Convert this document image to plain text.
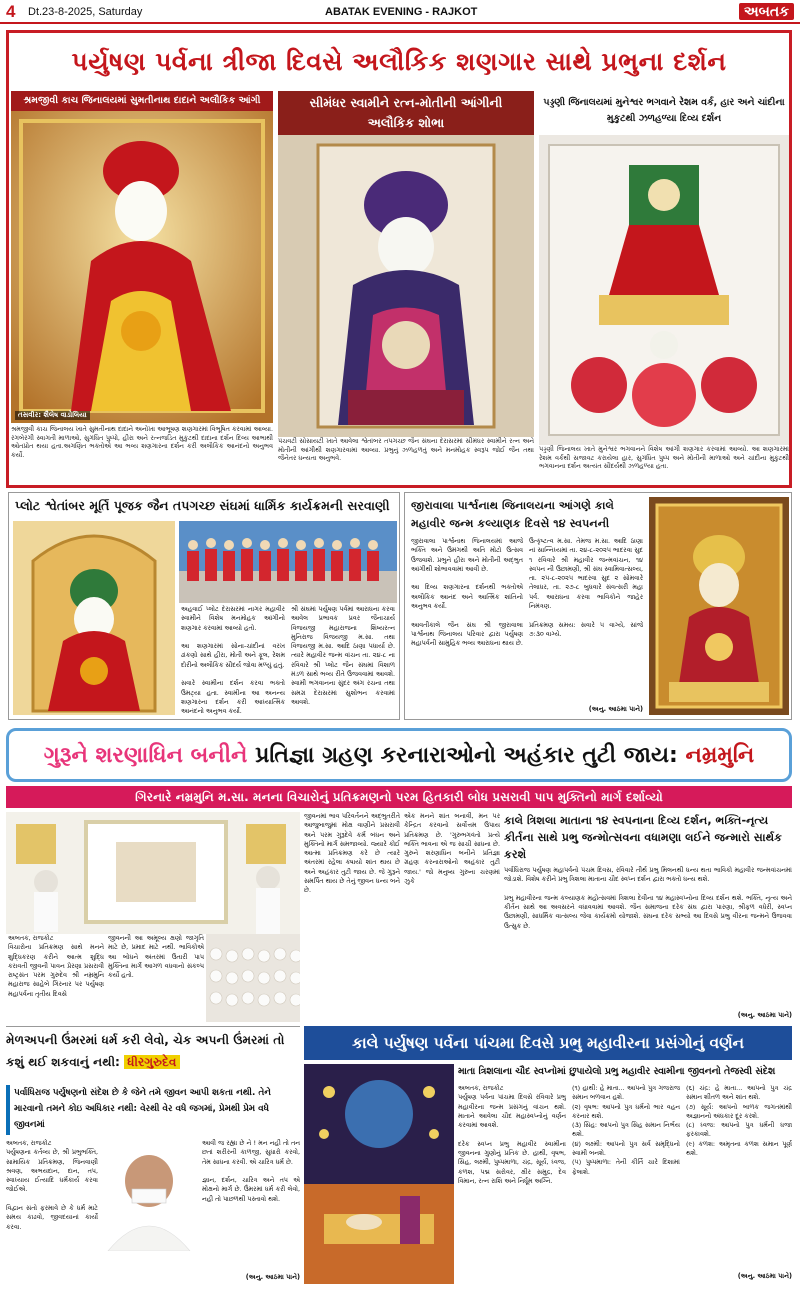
4 Dt.23-8-2025, Saturday	ABATAK EVENING - RAJKOT	અબતક
પર્યુષણ પર્વના ત્રીજા દિવસે અલૌકિક શણગાર સાથે પ્રભુના દર્શન
શ્રમજીવી કાચ જિનાલયમાં સુમતીનાથ દાદાને અલૌકિક આંગી
તસવીર: શૈલેષ વાડોલિયા
શ્રમજીવી કાચ જિનાલય ખાતે સુમતીનાથ દાદાને અનોખા આભૂષણ શણગારમાં વિભૂષિત કરવામાં આવ્યા. રંગબેરંગી સ્વાગતી માળાઓ, સુગંધિત પુષ્પો, હીરા અને રત્નજડિત મુકુટથી દાદાના દર્શન દિવ્ય આભાથી ઓતપ્રોત થયા હતા.અગણિત ભક્તોએ આ ભવ્ય શણગારના દર્શન કરી અલૌકિક આનંદનો અનુભવ કર્યો.
સીમંધર સ્વામીને રત્ન-મોતીની આંગીની અલૌકિક શોભા
પંચવટી સોસાયટી ખાતે આવેલા શ્વેતાંબર તપગચ્છ જૈન સંઘના દેરાસરમાં સીમંધર સ્વામીને રત્ન અને મોતીની આંગીથી શણગારવામાં આવ્યા. પ્રભુનું ઝળહળતું અને મનમોહક સ્વરૂપ જોઈ જૈન તથા જૈનેતર ધન્યતા અનુભવે.
પડ્ડણી જિનાલયમાં મુનેશ્વર ભગવાને રેશમ વર્ક, હાર અને ચાંદીના મુકુટથી ઝળહળ્યા દિવ્ય દર્શન
પડ્ડણી જિનાલય ખાતે મુનેશ્વર ભગવાનને વિશેષ આંગી શણગાર કરવામાં આવ્યો. આ શણગારમાં રેશમ વર્કથી સજાવટ કરાયેલા હાર, સુગંધિત પુષ્પ અને મોતીની માળાઓ અને ચાંદીના મુકુટથી ભગવાનના દર્શન અત્યંત સૌંદર્યથી ઝળહળ્યા હતા.
પ્લોટ શ્વેતાંબર મૂર્તિ પૂજક જૈન તપગચ્છ સંઘમાં ધાર્મિક કાર્યક્રમની સરવાણી
અહવાઈ પ્લોટ દેરાસરમાં નાગર મહાવીર સ્વામીને વિશેષ મનમોહક આંગીનો શણગાર કરવામાં આવ્યો હતો.

આ શણગારમાં સોના-ચાંદીનાં વરખ ઢાંકણો સાથે હીરા, મોતી અને ફૂલ, રેશમ દોરીનો અલૌકિક સૌંદર્ય જોવા મળ્યું હતું.

સવારે સ્વામીના દર્શન કરવા ભક્તો ઉમટ્યા હતા. સ્વામીના આ અનન્ય શણગારના દર્શન કરી આધ્યાત્મિક આનંદનો અનુભવ કર્યો.
શ્રી સંઘમાં પર્યુષણ પર્વમાં આરાધના કરવા આવેલ પ્રભાવક પ્રવર જૈનાચાર્ય વિજયજી મહારાજના શિષ્યરત્ન મુનિરાજ વિજયજી મ.સા. તથા વિજયજી મ.સા. આદિ ઠાણા પધાર્યા છે. ત્યારે મહાવીર જન્મ વાંચન તા. ૨૪-૮ ના રવિવારે શ્રી પ્લોટ જૈન સંઘમાં વિશાળ મંડળ સાથે ભવ્ય રીતે ઉજવવામાં આવશે. સ્વામી ભગવાનના સુંદર અંગ રચના તથા સમગ્ર દેરાસરમાં સુશોભન કરવામાં આવશે.
જીરાવાલા પાર્શ્વનાથ જિનાલયના આંગણે કાલે મહાવીર જન્મ કલ્યાણક દિવસે ૧૪ સ્વપનની
જીરાવાલા પાર્શ્વનાથ જિનાલયમાં આજે ભક્તિ અને ઉમંગથી અતિ મોટો ઉત્સવ ઉજવાશે. પ્રભુને હીરા અને મોતીની અદ્ભુત આંગીથી શોભાવવામાં આવી છે.

આ દિવ્ય શણગારના દર્શનથી ભક્તોએ અલૌકિક આનંદ અને આત્મિક શાંતિનો અનુભવ કર્યો.

આવતીકાલે જૈન સંઘ શ્રી જીરાવાલા પાર્શ્વનાથ જિનાલય પરિવાર દ્વારા પર્યુષણ મહાપર્વની સામુહિક ભવ્ય આરાધના થાય છે.
ઉત્કૃષ્ટત્વ મ.સા. તેમજ મ.સા. આદિ ઠાણા નાં સાન્નિધ્યમાં તા. ૨૪-૮-૨૦૨૫ ભાદરવા સુદ ૧ રવિવારે શ્રી મહાવીર જન્મવાંચન, ૧૪ સ્વપન ની ઉછામણી, શ્રી સંઘ સ્વામિવાત્સલ્ય, તા. ૨૫-૮-૨૦૨૫ ભાદરવા સુદ ૨ સોમવારે તેલાધર, તા. ૨૭-૮ બુધવારે સંવત્સરી મહા પર્વ. આરાધના કરવા ભાવિકોને જાહેર નિમંત્રણ.

પ્રતિક્રમણ સમય: સવારે ૫ વાગ્યે, સાંજે ૭:૩૦ વાગ્યે.
(અનુ. આઠમા પાને)
ગુરૂને શરણાધિન બનીને પ્રતિજ્ઞા ગ્રહણ કરનારાઓનો અહંકાર તુટી જાય: નમ્રમુનિ
ગિરનારે નમ્રમુનિ મ.સા. મનના વિચારોનું પ્રતિક્રમણનો પરમ હિતકારી બોધ પ્રસરાવી પાપ મુક્તિનો માર્ગ દર્શાવ્યો
અબતક, રાજકોટ
વિચારોના પ્રતિક્રમણ સાથે મનને શુદ્ધિકરણ કરીને આત્મ શુદ્ધિ કરાવતી જીવની પાવન પ્રેરણા પ્રસરાવી રાષ્ટ્રસંત પરમ ગુરુદેવ શ્રી નમ્રમુનિ મહારાજ સાહેબે ગિરનાર પર પર્યુષણ મહાપર્વના તૃતીય દિવસે
જીવનની આ અમૂલ્ય ક્ષણો જાગૃતિ માટે છે, પ્રમાદ માટે નથી. ભાવિકોએ આ બોધને અંતરમાં ઉતારી પાપ મુક્તિના માર્ગે આગળ વધવાનો સંકલ્પ કર્યો હતો.
જીવનમાં ભાવ પરિવર્તનને અદ્ભુતરીતે આજુબાજુમાં મોક્ષ વાણીને પ્રસરાવી અને પરમ ગુરૂદેવે કર્મ બંધન અને મુક્તિનો માર્ગ સમજાવ્યો. જ્યારે કોઈ આત્મા પ્રતિક્રમણ કરે છે ત્યારે અંતરમાં રહેલા કષાયો શાંત થાય છે અને અહંકાર તુટી જાય છે. જે ગુરૂને સમર્પિત થાય છે તેનું જીવન ધન્ય બને છે.
એક મનને શાંત બનાવી, મન પર કેન્દ્રિત કરવાનો સર્વોત્તમ ઉપાય પ્રતિક્રમણ છે. 'ગુરુભગવંતો પ્રત્યે ભક્તિ ભાવના એ જ સાચી સાધના છે. ગુરુને શરણાધિન બનીને પ્રતિજ્ઞા ગ્રહણ કરનારાઓનો અહંકાર તુટી જાય.' જો મનુષ્ય ગુરુના ચરણમાં ઝુકે
કાલે ત્રિશલા માતાના ૧૪ સ્વપનાના દિવ્ય દર્શન, ભક્તિ-નૃત્ય કીર્તના સાથે પ્રભુ જન્મોત્સવના વધામણા લઈને જન્મારો સાર્થક કરશે
પર્વાધિરાજ પર્યુષણ મહાપર્વનો પંચમ દિવસ, રવિવારે તીર્થ પ્રભુ મિલનથી ધન્ય થતા ભાવિકો મહાવીર જન્મવાંચનમાં જોડાશે. વિશેષ કરીને પ્રભુ ત્રિશલા માતાના ચૌદ સ્વપ્ન દર્શન દ્વારા ભક્તો ધન્ય થશે.

પ્રભુ મહાવીરના જન્મ કલ્યાણક મહોત્સવમાં ત્રિશલા દેવીના ૧૪ મહાસ્વપ્નોના દિવ્ય દર્શન થશે. ભક્તિ, નૃત્ય અને કીર્તન સાથે આ અવસરને વધાવવામાં આવશે. જૈન સમાજના દરેક સંઘ દ્વારા પારણા, શ્રીફળ વધેરી, સ્વપ્ન ઉછામણી, સાધર્મિક વાત્સલ્ય જેવા કાર્યક્રમો યોજાશે. સંઘના દરેક સભ્યો આ દિવસે પ્રભુ વીરના જન્મને ઉજવવા ઉત્સુક છે.
(અનુ. આઠમા પાને)
મેળઅપની ઉંમરમાં ધર્મ કરી લેવો, ચેક અપની ઉંમરમાં તો કશું થઈ શકવાનું નથી: ધીરગુરુદેવ
પર્વાધિરાજ પર્યુષણનો સંદેશ છે કે જેને તમે જીવન આપી શકતા નથી. તેને મારવાનો તમને કોઇ અધિકાર નથી: વેરથી વેર વધે જગમાં, પ્રેમથી પ્રેમ વધે જીવનમાં
અબતક, રાજકોટ
પર્યુષણના કર્તવ્ય છે, શ્રી પ્રભુભક્તિ, સામાયિક પ્રતિક્રમણ, જિનવાણી શ્રવણ, અભયદાન, દાન, તપ, સ્વાધ્યાય ઈત્યાદિ ધર્મકાર્ય કરવા જોઈએ.

વિદ્વાન સંતો ફરમાવે છે કે ધર્મ માટે સમય કાઢવો, જીવદયાનાં કાર્યો કરવા.
આવી જ રહ્યા છે ને ! મન નહી તો તન છતાં શરીરની કાળજી, સુધારો કરવો, તેમ સાધના કરવી. એ ચારિત્ર ધર્મ છે.

જ્ઞાન, દર્શન, ચારિત્ર અને તપ એ મોક્ષનો માર્ગ છે. ઉંમરમાં ધર્મ કરી લેવો, નહી તો પાછળથી પસ્તાવો થશે.
(અનુ. આઠમા પાને)
કાલે પર્યુષણ પર્વના પાંચમા દિવસે પ્રભુ મહાવીરના પ્રસંગોનું વર્ણન
માતા ત્રિશલાના ચૌદ સ્વપ્નોમાં છુપાયેલો પ્રભુ મહાવીર સ્વામીના જીવનનો તેજસ્વી સંદેશ
અબતક, રાજકોટ
પર્યુષણ પર્વના પાંચમા દિવસે રવિવારે પ્રભુ મહાવીરના જન્મ પ્રસંગનું વાંચન થશે. માતાને આવેલા ચૌદ મહાસ્વપ્નોનું વર્ણન કરવામાં આવશે.

દરેક સ્વપ્ન પ્રભુ મહાવીર સ્વામીના જીવનના ગુણોનું પ્રતિક છે. હાથી, વૃષભ, સિંહ, લક્ષ્મી, પુષ્પમાળા, ચંદ્ર, સૂર્ય, ધ્વજ, કળશ, પદ્મ સરોવર, ક્ષીર સમુદ્ર, દેવ વિમાન, રત્ન રાશિ અને નિર્ધૂમ અગ્નિ.
(૧) હાથી: હે માતા... આપનો પુત્ર ગજરાજ સમાન બળવાન હશે.
(૨) વૃષભ: આપનો પુત્ર ધર્મનો ભાર વહન કરનાર થશે.
(૩) સિંહ: આપનો પુત્ર સિંહ સમાન નિર્ભય થશે.
(૪) લક્ષ્મી: આપનો પુત્ર સર્વ સમૃદ્ધિનો સ્વામી બનશે.
(૫) પુષ્પમાળા: તેની કીર્તિ ચારે દિશામાં ફેલાશે.
(૬) ચંદ્ર: હે માતા... આપનો પુત્ર ચંદ્ર સમાન શીતળ અને શાંત થશે.
(૭) સૂર્ય: આપનો બાળક જગતમાંથી અજ્ઞાનનો અંધકાર દૂર કરશે.
(૮) ધ્વજ: આપનો પુત્ર ધર્મની ધજા ફરકાવશે.
(૯) કળશ: અમૃતના કળશ સમાન પૂર્ણ થશે.
(અનુ. આઠમા પાને)
